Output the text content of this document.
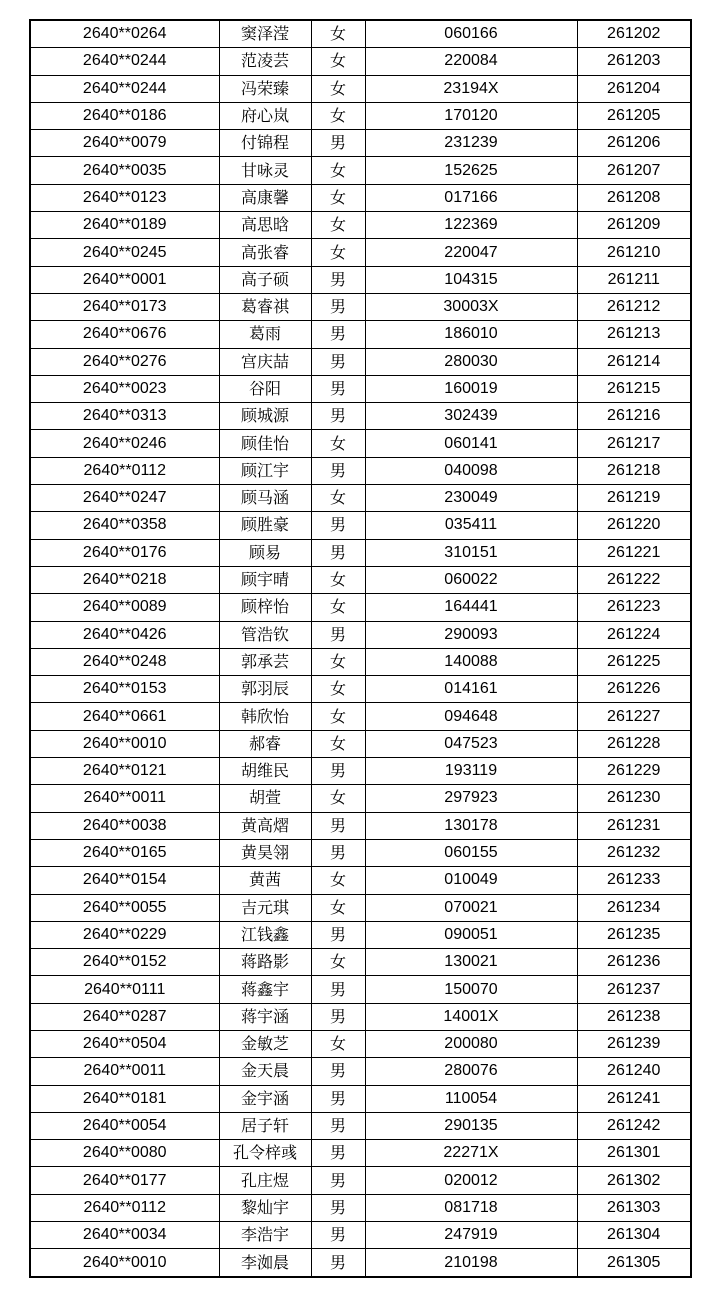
2640**0264	窦泽滢	女	060166	261202
2640**0244	范凌芸	女	220084	261203
2640**0244	冯荣臻	女	23194X	261204
2640**0186	府心岚	女	170120	261205
2640**0079	付锦程	男	231239	261206
2640**0035	甘咏灵	女	152625	261207
2640**0123	高康馨	女	017166	261208
2640**0189	高思晗	女	122369	261209
2640**0245	高张睿	女	220047	261210
2640**0001	高子硕	男	104315	261211
2640**0173	葛睿祺	男	30003X	261212
2640**0676	葛雨	男	186010	261213
2640**0276	宫庆喆	男	280030	261214
2640**0023	谷阳	男	160019	261215
2640**0313	顾城源	男	302439	261216
2640**0246	顾佳怡	女	060141	261217
2640**0112	顾江宇	男	040098	261218
2640**0247	顾马涵	女	230049	261219
2640**0358	顾胜豪	男	035411	261220
2640**0176	顾易	男	310151	261221
2640**0218	顾宇晴	女	060022	261222
2640**0089	顾梓怡	女	164441	261223
2640**0426	管浩钦	男	290093	261224
2640**0248	郭承芸	女	140088	261225
2640**0153	郭羽辰	女	014161	261226
2640**0661	韩欣怡	女	094648	261227
2640**0010	郝睿	女	047523	261228
2640**0121	胡维民	男	193119	261229
2640**0011	胡萱	女	297923	261230
2640**0038	黄高熠	男	130178	261231
2640**0165	黄昊翎	男	060155	261232
2640**0154	黄茜	女	010049	261233
2640**0055	吉元琪	女	070021	261234
2640**0229	江钱鑫	男	090051	261235
2640**0152	蒋路影	女	130021	261236
2640**0111	蒋鑫宇	男	150070	261237
2640**0287	蒋宇涵	男	14001X	261238
2640**0504	金敏芝	女	200080	261239
2640**0011	金天晨	男	280076	261240
2640**0181	金宇涵	男	110054	261241
2640**0054	居子轩	男	290135	261242
2640**0080	孔令梓彧	男	22271X	261301
2640**0177	孔庄煜	男	020012	261302
2640**0112	黎灿宇	男	081718	261303
2640**0034	李浩宇	男	247919	261304
2640**0010	李洳晨	男	210198	261305
